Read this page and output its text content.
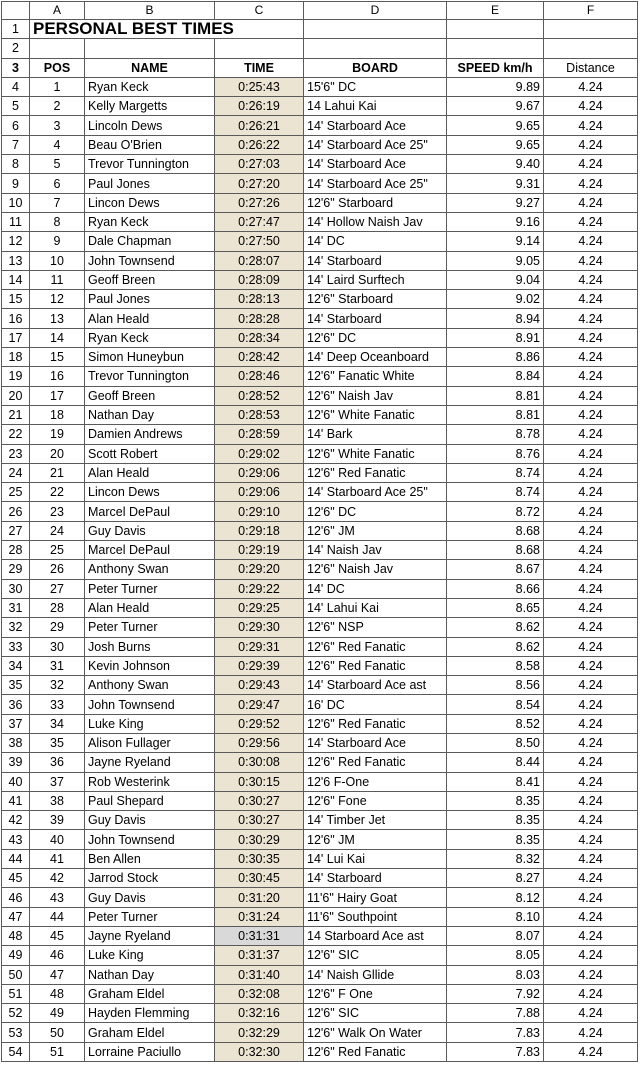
	A	B	C	D	E	F
1	PERSONAL BEST TIMES					
2						
3	POS	NAME	TIME	BOARD	SPEED km/h	Distance
4	1	Ryan Keck	0:25:43	15'6" DC	9.89	4.24
5	2	Kelly Margetts	0:26:19	14 Lahui Kai	9.67	4.24
6	3	Lincoln Dews	0:26:21	14' Starboard Ace	9.65	4.24
7	4	Beau O'Brien	0:26:22	14' Starboard Ace 25"	9.65	4.24
8	5	Trevor Tunnington	0:27:03	14' Starboard Ace	9.40	4.24
9	6	Paul Jones	0:27:20	14' Starboard Ace 25"	9.31	4.24
10	7	Lincon Dews	0:27:26	12'6" Starboard	9.27	4.24
11	8	Ryan Keck	0:27:47	14' Hollow Naish Jav	9.16	4.24
12	9	Dale Chapman	0:27:50	14' DC	9.14	4.24
13	10	John Townsend	0:28:07	14' Starboard	9.05	4.24
14	11	Geoff Breen	0:28:09	14' Laird Surftech	9.04	4.24
15	12	Paul Jones	0:28:13	12'6" Starboard	9.02	4.24
16	13	Alan Heald	0:28:28	14' Starboard	8.94	4.24
17	14	Ryan Keck	0:28:34	12'6" DC	8.91	4.24
18	15	Simon Huneybun	0:28:42	14' Deep Oceanboard	8.86	4.24
19	16	Trevor Tunnington	0:28:46	12'6" Fanatic White	8.84	4.24
20	17	Geoff Breen	0:28:52	12'6" Naish Jav	8.81	4.24
21	18	Nathan Day	0:28:53	12'6" White Fanatic	8.81	4.24
22	19	Damien Andrews	0:28:59	14' Bark	8.78	4.24
23	20	Scott Robert	0:29:02	12'6" White Fanatic	8.76	4.24
24	21	Alan Heald	0:29:06	12'6" Red Fanatic	8.74	4.24
25	22	Lincon Dews	0:29:06	14' Starboard Ace 25"	8.74	4.24
26	23	Marcel DePaul	0:29:10	12'6" DC	8.72	4.24
27	24	Guy Davis	0:29:18	12'6" JM	8.68	4.24
28	25	Marcel DePaul	0:29:19	14' Naish Jav	8.68	4.24
29	26	Anthony Swan	0:29:20	12'6" Naish Jav	8.67	4.24
30	27	Peter Turner	0:29:22	14' DC	8.66	4.24
31	28	Alan Heald	0:29:25	14' Lahui Kai	8.65	4.24
32	29	Peter Turner	0:29:30	12'6" NSP	8.62	4.24
33	30	Josh Burns	0:29:31	12'6" Red Fanatic	8.62	4.24
34	31	Kevin Johnson	0:29:39	12'6" Red Fanatic	8.58	4.24
35	32	Anthony Swan	0:29:43	14' Starboard Ace ast	8.56	4.24
36	33	John Townsend	0:29:47	16' DC	8.54	4.24
37	34	Luke King	0:29:52	12'6" Red Fanatic	8.52	4.24
38	35	Alison Fullager	0:29:56	14' Starboard Ace	8.50	4.24
39	36	Jayne Ryeland	0:30:08	12'6" Red Fanatic	8.44	4.24
40	37	Rob Westerink	0:30:15	12'6 F-One	8.41	4.24
41	38	Paul Shepard	0:30:27	12'6" Fone	8.35	4.24
42	39	Guy Davis	0:30:27	14' Timber Jet	8.35	4.24
43	40	John Townsend	0:30:29	12'6" JM	8.35	4.24
44	41	Ben Allen	0:30:35	14' Lui Kai	8.32	4.24
45	42	Jarrod Stock	0:30:45	14' Starboard	8.27	4.24
46	43	Guy Davis	0:31:20	11'6" Hairy Goat	8.12	4.24
47	44	Peter Turner	0:31:24	11'6" Southpoint	8.10	4.24
48	45	Jayne Ryeland	0:31:31	14 Starboard Ace ast	8.07	4.24
49	46	Luke King	0:31:37	12'6" SIC	8.05	4.24
50	47	Nathan Day	0:31:40	14' Naish Gllide	8.03	4.24
51	48	Graham Eldel	0:32:08	12'6" F One	7.92	4.24
52	49	Hayden Flemming	0:32:16	12'6" SIC	7.88	4.24
53	50	Graham Eldel	0:32:29	12'6" Walk On Water	7.83	4.24
54	51	Lorraine Paciullo	0:32:30	12'6" Red Fanatic	7.83	4.24
